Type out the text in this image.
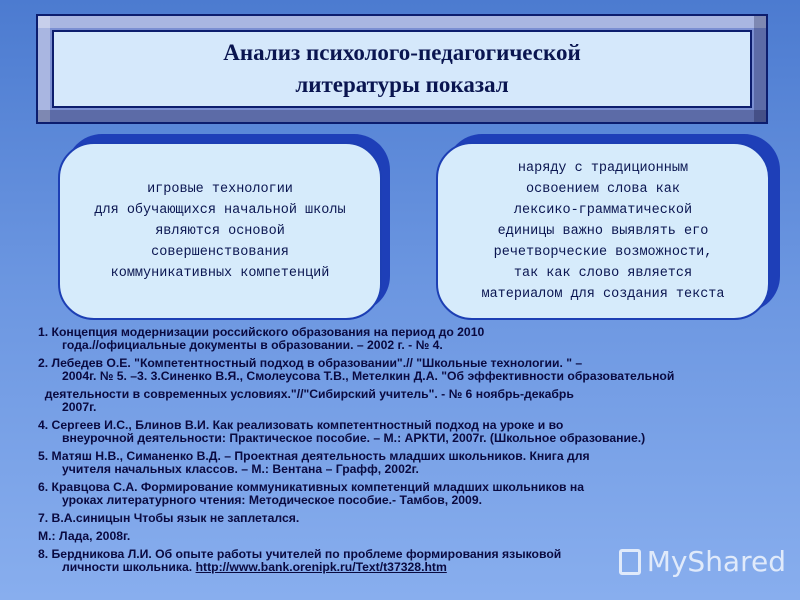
Анализ психолого-педагогической
литературы показал
игровые технологии
для обучающихся начальной школы
являются основой
совершенствования
коммуникативных компетенций
наряду с традиционным
освоением слова как
лексико-грамматической
единицы важно выявлять его
речетворческие возможности,
так как слово является
материалом для создания текста
1. Концепция модернизации российского образования на период до 2010
года.//официальные документы в образовании. – 2002 г. - № 4.
2. Лебедев О.Е. "Компетентностный подход в образовании".// "Школьные технологии. " –
2004г. № 5. –3. 3.Синенко В.Я., Смолеусова Т.В., Метелкин Д.А. "Об эффективности образовательной
деятельности в современных условиях."//"Сибирский учитель". - № 6 ноябрь-декабрь
2007г.
4. Сергеев И.С., Блинов В.И. Как реализовать компетентностный подход на уроке и во
внеурочной деятельности: Практическое пособие. – М.: АРКТИ, 2007г. (Школьное образование.)
5. Матяш Н.В., Симаненко В.Д. – Проектная деятельность младших школьников. Книга для
учителя начальных классов. – М.: Вентана – Графф, 2002г.
6. Кравцова С.А. Формирование коммуникативных компетенций младших школьников на
уроках литературного чтения: Методическое пособие.- Тамбов, 2009.
7. В.А.синицын Чтобы язык не заплетался.
М.: Лада, 2008г.
8. Бердникова Л.И. Об опыте работы учителей по проблеме формирования языковой
личности школьника. http://www.bank.orenipk.ru/Text/t37328.htm	MyShared
